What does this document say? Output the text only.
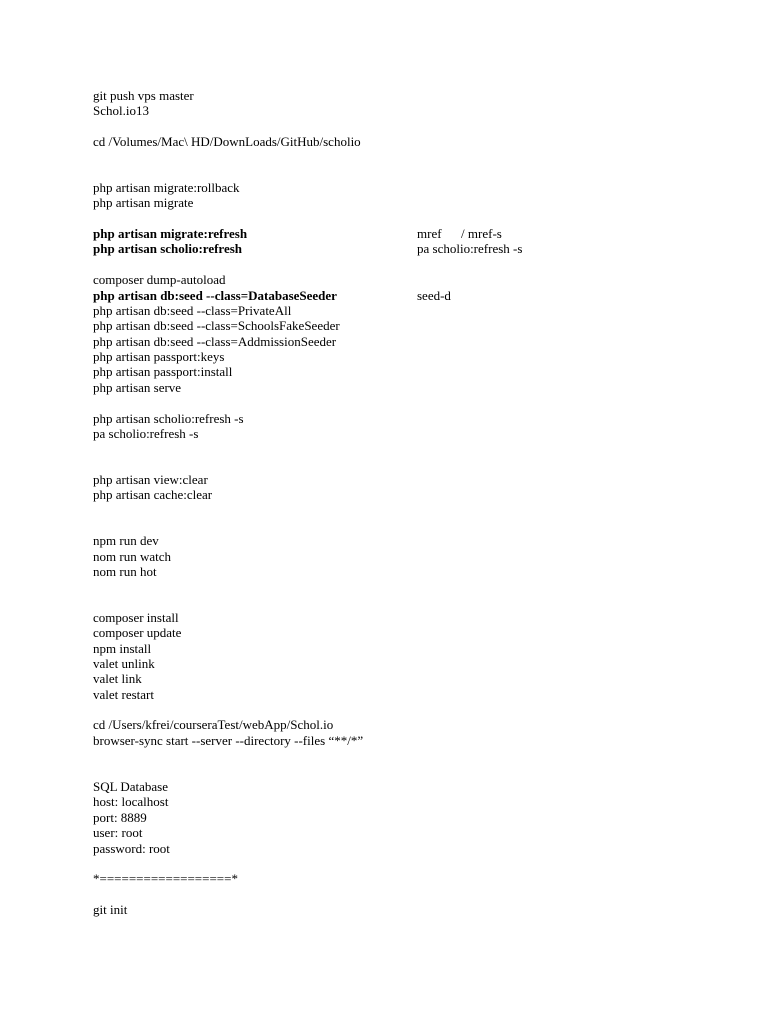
git push vps master
Schol.io13
cd /Volumes/Mac\ HD/DownLoads/GitHub/scholio
php artisan migrate:rollback
php artisan migrate
php artisan migrate:refresh
php artisan scholio:refresh
composer dump-autoload
php artisan db:seed --class=DatabaseSeeder
php artisan db:seed --class=PrivateAll
php artisan db:seed --class=SchoolsFakeSeeder
php artisan db:seed --class=AddmissionSeeder
php artisan passport:keys
php artisan passport:install
php artisan serve
php artisan scholio:refresh -s
pa scholio:refresh -s
php artisan view:clear
php artisan cache:clear
npm run dev
nom run watch
nom run hot
composer install
composer update
npm install
valet unlink
valet link
valet restart
cd /Users/kfrei/courseraTest/webApp/Schol.io
browser-sync start --server --directory --files “**/*”
SQL Database
host: localhost
port: 8889
user: root
password: root
*==================*
git init
mref      / mref-s
pa scholio:refresh -s
seed-d
